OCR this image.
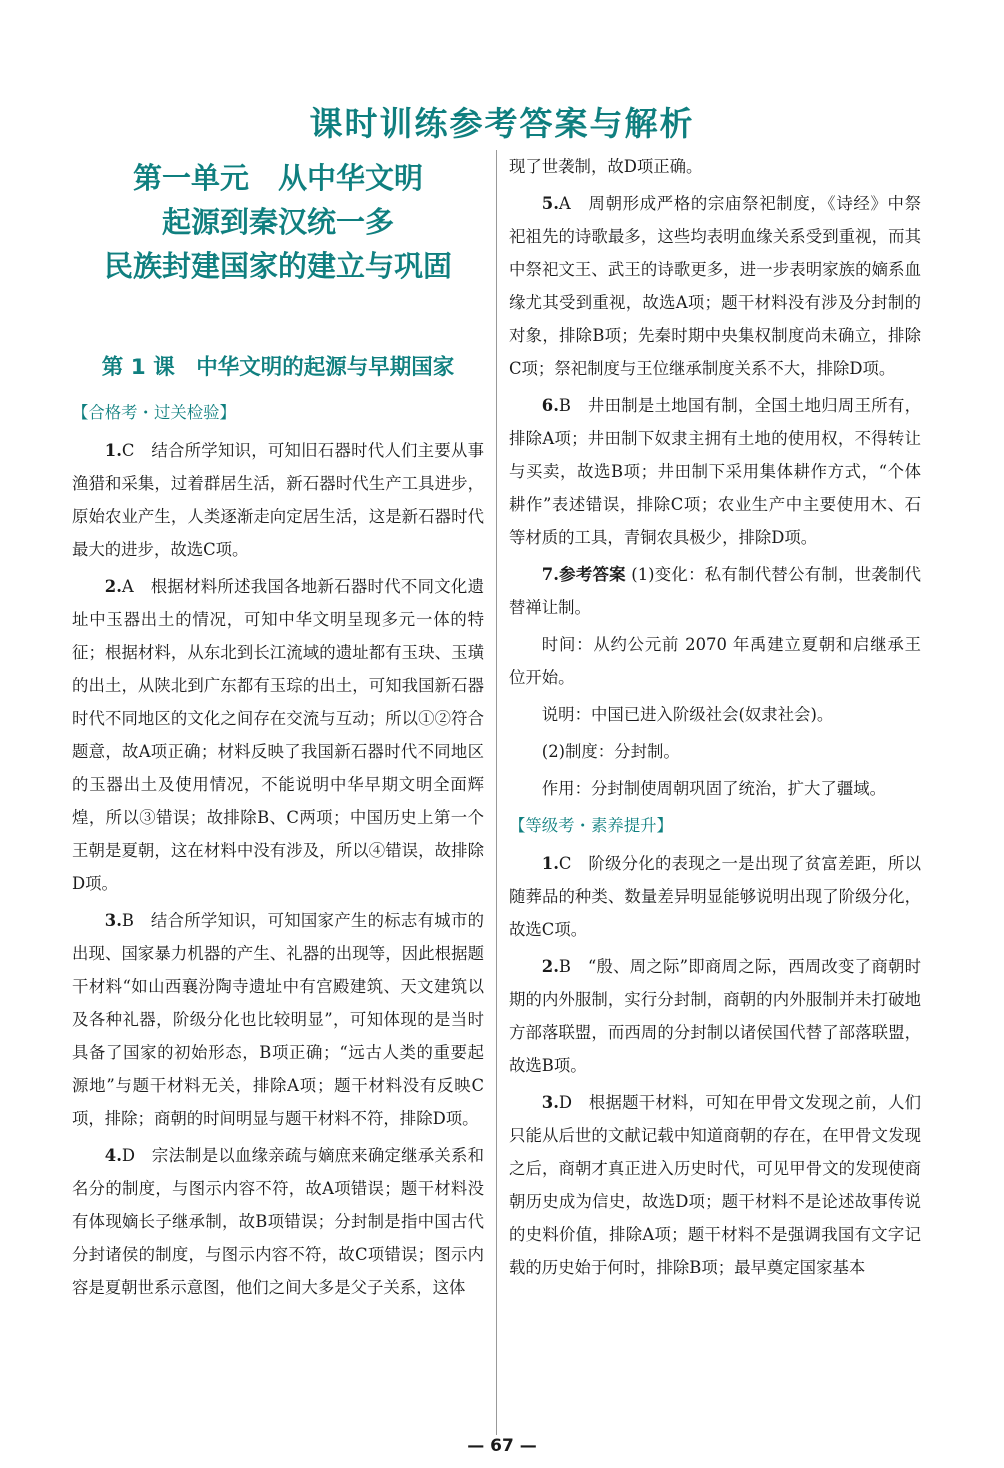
课时训练参考答案与解析
第一单元　从中华文明
起源到秦汉统一多
民族封建国家的建立与巩固
第 1 课　中华文明的起源与早期国家
【合格考・过关检验】

1.C　结合所学知识，可知旧石器时代人们主要从事渔猎和采集，过着群居生活，新石器时代生产工具进步，原始农业产生，人类逐渐走向定居生活，这是新石器时代最大的进步，故选C项。

2.A　根据材料所述我国各地新石器时代不同文化遗址中玉器出土的情况，可知中华文明呈现多元一体的特征；根据材料，从东北到长江流域的遗址都有玉玦、玉璜的出土，从陕北到广东都有玉琮的出土，可知我国新石器时代不同地区的文化之间存在交流与互动；所以①②符合题意，故A项正确；材料反映了我国新石器时代不同地区的玉器出土及使用情况，不能说明中华早期文明全面辉煌，所以③错误；故排除B、C两项；中国历史上第一个王朝是夏朝，这在材料中没有涉及，所以④错误，故排除D项。

3.B　结合所学知识，可知国家产生的标志有城市的出现、国家暴力机器的产生、礼器的出现等，因此根据题干材料“如山西襄汾陶寺遗址中有宫殿建筑、天文建筑以及各种礼器，阶级分化也比较明显”，可知体现的是当时具备了国家的初始形态，B项正确；“远古人类的重要起源地”与题干材料无关，排除A项；题干材料没有反映C项，排除；商朝的时间明显与题干材料不符，排除D项。

4.D　宗法制是以血缘亲疏与嫡庶来确定继承关系和名分的制度，与图示内容不符，故A项错误；题干材料没有体现嫡长子继承制，故B项错误；分封制是指中国古代分封诸侯的制度，与图示内容不符，故C项错误；图示内容是夏朝世系示意图，他们之间大多是父子关系，这体

现了世袭制，故D项正确。

5.A　周朝形成严格的宗庙祭祀制度，《诗经》中祭祀祖先的诗歌最多，这些均表明血缘关系受到重视，而其中祭祀文王、武王的诗歌更多，进一步表明家族的嫡系血缘尤其受到重视，故选A项；题干材料没有涉及分封制的对象，排除B项；先秦时期中央集权制度尚未确立，排除C项；祭祀制度与王位继承制度关系不大，排除D项。

6.B　井田制是土地国有制，全国土地归周王所有，排除A项；井田制下奴隶主拥有土地的使用权，不得转让与买卖，故选B项；井田制下采用集体耕作方式，“个体耕作”表述错误，排除C项；农业生产中主要使用木、石等材质的工具，青铜农具极少，排除D项。

7.参考答案 (1)变化：私有制代替公有制，世袭制代替禅让制。

时间：从约公元前 2070 年禹建立夏朝和启继承王位开始。

说明：中国已进入阶级社会(奴隶社会)。

(2)制度：分封制。

作用：分封制使周朝巩固了统治，扩大了疆域。

【等级考・素养提升】

1.C　阶级分化的表现之一是出现了贫富差距，所以随葬品的种类、数量差异明显能够说明出现了阶级分化，故选C项。

2.B　“殷、周之际”即商周之际，西周改变了商朝时期的内外服制，实行分封制，商朝的内外服制并未打破地方部落联盟，而西周的分封制以诸侯国代替了部落联盟，故选B项。

3.D　根据题干材料，可知在甲骨文发现之前，人们只能从后世的文献记载中知道商朝的存在，在甲骨文发现之后，商朝才真正进入历史时代，可见甲骨文的发现使商朝历史成为信史，故选D项；题干材料不是论述故事传说的史料价值，排除A项；题干材料不是强调我国有文字记载的历史始于何时，排除B项；最早奠定国家基本

— 67 —
